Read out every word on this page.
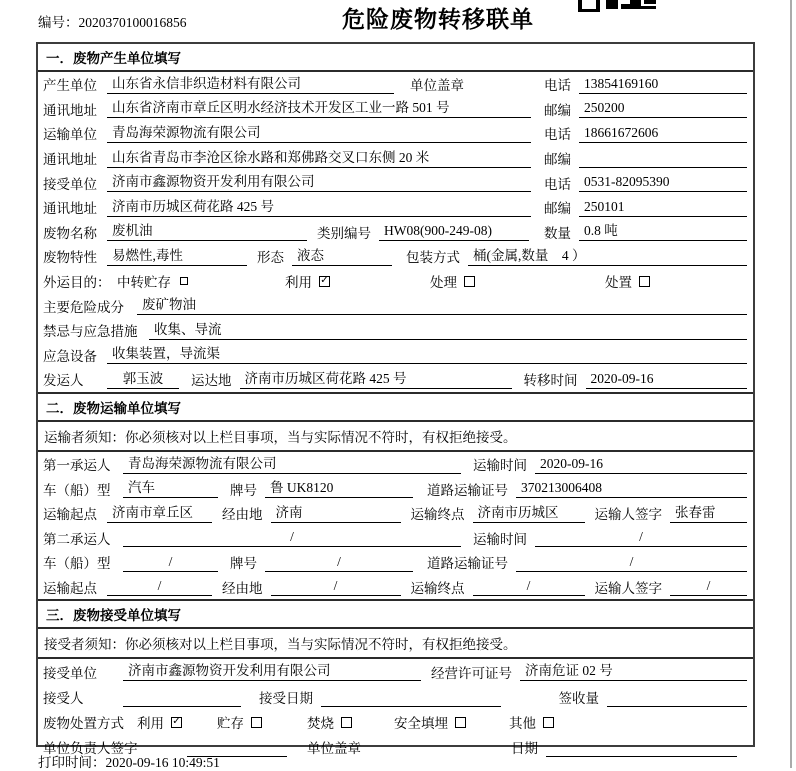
编号：2020370100016856	危险废物转移联单
一．废物产生单位填写
产生单位	山东省永信非织造材料有限公司	单位盖章	电话 13854169160
通讯地址	山东省济南市章丘区明水经济技术开发区工业一路 501 号	邮编 250200
运输单位	青岛海荣源物流有限公司	电话 18661672606
通讯地址	山东省青岛市李沧区徐水路和郑佛路交叉口东侧 20 米	邮编
接受单位	济南市鑫源物资开发利用有限公司	电话 0531-82095390
通讯地址	济南市历城区荷花路 425 号	邮编 250101
废物名称	废机油	类别编号 HW08(900-249-08)	数量 0.8 吨
废物特性	易燃性,毒性	形态 液态	包装方式 桶(金属,数量　4 ）
外运目的： 中转贮存	利用 ✓	处理	处置
主要危险成分	废矿物油
禁忌与应急措施	收集、导流
应急设备	收集装置，导流渠
发运人	郭玉波	运达地 济南市历城区荷花路 425 号	转移时间 2020-09-16
二．废物运输单位填写
运输者须知：你必须核对以上栏目事项，当与实际情况不符时，有权拒绝接受。
第一承运人	青岛海荣源物流有限公司	运输时间 2020-09-16
车（船）型	汽车	牌号 鲁 UK8120	道路运输证号 370213006408
运输起点	济南市章丘区	经由地 济南	运输终点 济南市历城区	运输人签字 张春雷
第二承运人	/	运输时间	/
车（船）型	/	牌号	/	道路运输证号	/
运输起点	/	经由地	/	运输终点	/	运输人签字	/
三．废物接受单位填写
接受者须知：你必须核对以上栏目事项，当与实际情况不符时，有权拒绝接受。
接受单位	济南市鑫源物资开发利用有限公司	经营许可证号 济南危证 02 号
接受人	接受日期	签收量
废物处置方式 利用 ✓	贮存	焚烧	安全填埋	其他
单位负责人签字	单位盖章	日期
打印时间：2020-09-16 10:49:51
